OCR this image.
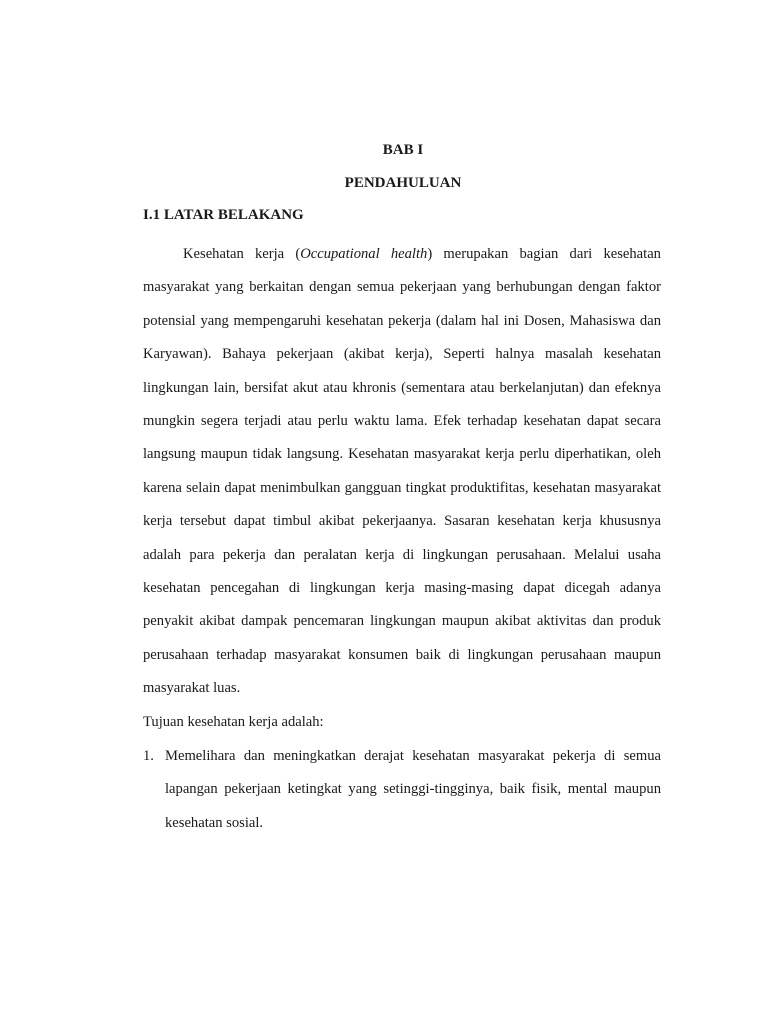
BAB I
PENDAHULUAN
I.1 LATAR BELAKANG

Kesehatan kerja (Occupational health) merupakan bagian dari kesehatan masyarakat yang berkaitan dengan semua pekerjaan yang berhubungan dengan faktor potensial yang mempengaruhi kesehatan pekerja (dalam hal ini Dosen, Mahasiswa dan Karyawan). Bahaya pekerjaan (akibat kerja), Seperti halnya masalah kesehatan lingkungan lain, bersifat akut atau khronis (sementara atau berkelanjutan) dan efeknya mungkin segera terjadi atau perlu waktu lama. Efek terhadap kesehatan dapat secara langsung maupun tidak langsung. Kesehatan masyarakat kerja perlu diperhatikan, oleh karena selain dapat menimbulkan gangguan tingkat produktifitas, kesehatan masyarakat kerja tersebut dapat timbul akibat pekerjaanya. Sasaran kesehatan kerja khususnya adalah para pekerja dan peralatan kerja di lingkungan perusahaan. Melalui usaha kesehatan pencegahan di lingkungan kerja masing-masing dapat dicegah adanya penyakit akibat dampak pencemaran lingkungan maupun akibat aktivitas dan produk perusahaan terhadap masyarakat konsumen baik di lingkungan perusahaan maupun masyarakat luas.

Tujuan kesehatan kerja adalah:

1. Memelihara dan meningkatkan derajat kesehatan masyarakat pekerja di semua lapangan pekerjaan ketingkat yang setinggi-tingginya, baik fisik, mental maupun kesehatan sosial.
